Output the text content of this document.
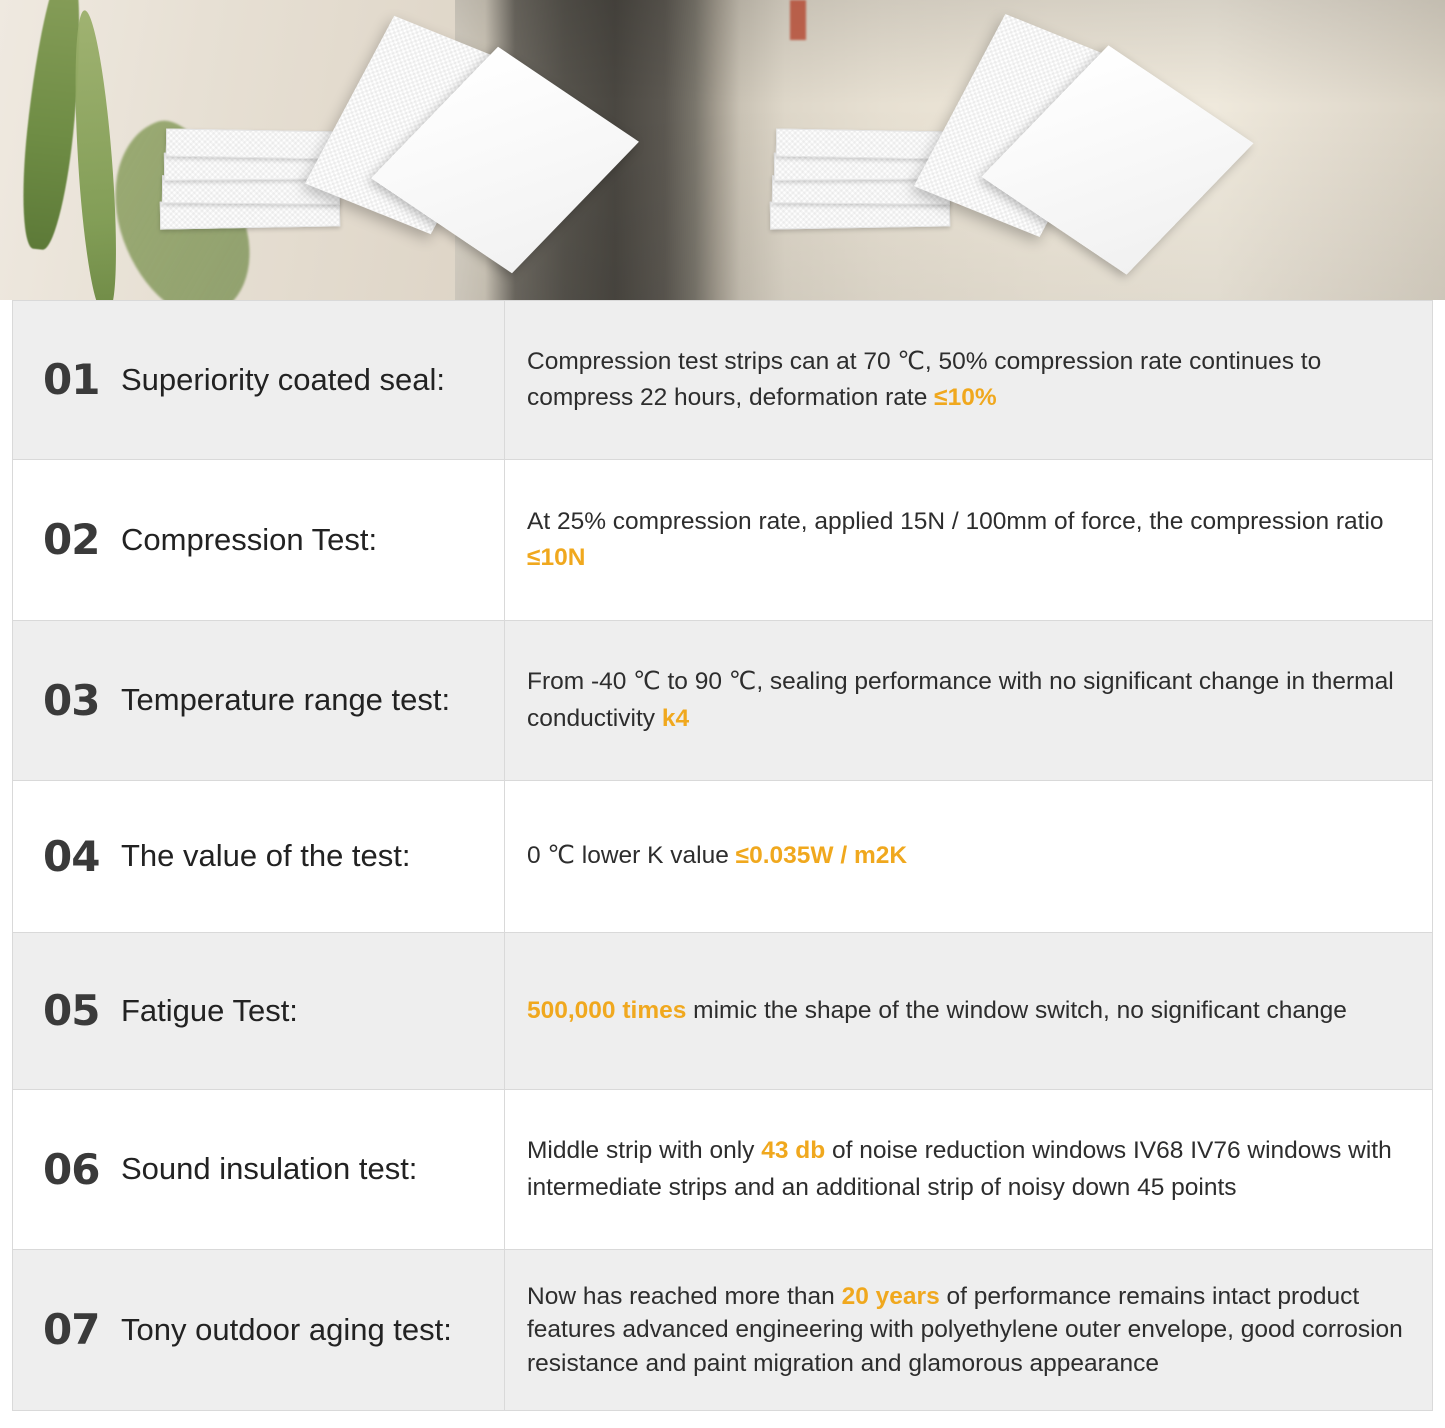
01 Superiority coated seal:
Compression test strips can at 70 ℃, 50% compression rate continues to compress 22 hours, deformation rate ≤10%
02 Compression Test:
At 25% compression rate, applied 15N / 100mm of force, the compression ratio ≤10N
03 Temperature range test:
From -40 ℃ to 90 ℃, sealing performance with no significant change in thermal conductivity k4
04 The value of the test:	0 ℃ lower K value ≤0.035W / m2K
05 Fatigue Test:	500,000 times mimic the shape of the window switch, no significant change
06 Sound insulation test:
Middle strip with only 43 db of noise reduction windows IV68 IV76 windows with intermediate strips and an additional strip of noisy down 45 points
07 Tony outdoor aging test:
Now has reached more than 20 years of performance remains intact product features advanced engineering with polyethylene outer envelope, good corrosion resistance and paint migration and glamorous appearance
